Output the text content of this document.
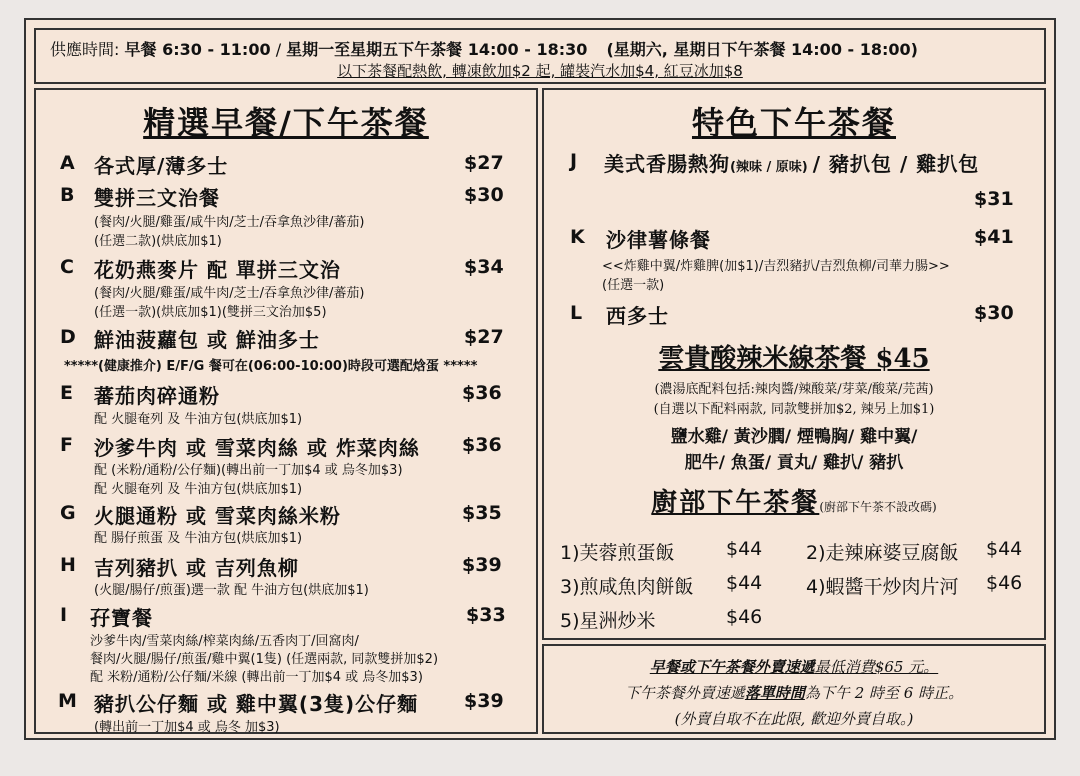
供應時間: 早餐 6:30 - 11:00 / 星期一至星期五下午茶餐 14:00 - 18:30 (星期六, 星期日下午茶餐 14:00 - 18:00)
以下茶餐配熱飲, 轉凍飲加$2 起, 罐裝汽水加$4, 紅豆冰加$8
精選早餐/下午茶餐
A 各式厚/薄多士	$27
B 雙拼三文治餐	$30
(餐肉/火腿/雞蛋/咸牛肉/芝士/吞拿魚沙律/蕃茄)
(任選二款)(烘底加$1)
C 花奶燕麥片 配 單拼三文治	$34
(餐肉/火腿/雞蛋/咸牛肉/芝士/吞拿魚沙律/蕃茄)
(任選一款)(烘底加$1)(雙拼三文治加$5)
D 鮮油菠蘿包 或 鮮油多士	$27
*****(健康推介) E/F/G 餐可在(06:00-10:00)時段可選配焓蛋 *****
E 蕃茄肉碎通粉	$36
配 火腿奄列 及 牛油方包(烘底加$1)
F 沙爹牛肉 或 雪菜肉絲 或 炸菜肉絲 $36
配 (米粉/通粉/公仔麵)(轉出前一丁加$4 或 烏冬加$3)
配 火腿奄列 及 牛油方包(烘底加$1)
G 火腿通粉 或 雪菜肉絲米粉	$35
配 腸仔煎蛋 及 牛油方包(烘底加$1)
H 吉列豬扒 或 吉列魚柳	$39
(火腿/腸仔/煎蛋)選一款 配 牛油方包(烘底加$1)
I 孖寶餐	$33
沙爹牛肉/雪菜肉絲/榨菜肉絲/五香肉丁/回窩肉/
餐肉/火腿/腸仔/煎蛋/雞中翼(1隻) (任選兩款, 同款雙拼加$2)
配 米粉/通粉/公仔麵/米線 (轉出前一丁加$4 或 烏冬加$3)
M 豬扒公仔麵 或 雞中翼(3隻)公仔麵 $39
(轉出前一丁加$4 或 烏冬 加$3)
特色下午茶餐
J 美式香腸熱狗(辣味 / 原味) / 豬扒包 / 雞扒包
$31
K 沙律薯條餐	$41
<<炸雞中翼/炸雞脾(加$1)/吉烈豬扒/吉烈魚柳/司華力腸>>
(任選一款)
L 西多士	$30
雲貴酸辣米線茶餐 $45
(濃湯底配料包括:辣肉醬/辣酸菜/芽菜/酸菜/芫茜)
(自選以下配料兩款, 同款雙拼加$2, 辣另上加$1)
鹽水雞/ 黃沙膶/ 煙鴨胸/ 雞中翼/
肥牛/ 魚蛋/ 貢丸/ 雞扒/ 豬扒
廚部下午茶餐(廚部下午茶不設改碼)
1)芙蓉煎蛋飯	$44 2)走辣麻婆豆腐飯 $44
3)煎咸魚肉餅飯 $44 4)蝦醬干炒肉片河 $46
5)星洲炒米	$46
早餐或下午茶餐外賣速遞最低消費$65 元。
下午茶餐外賣速遞落單時間為下午 2 時至 6 時正。
(外賣自取不在此限, 歡迎外賣自取。)
